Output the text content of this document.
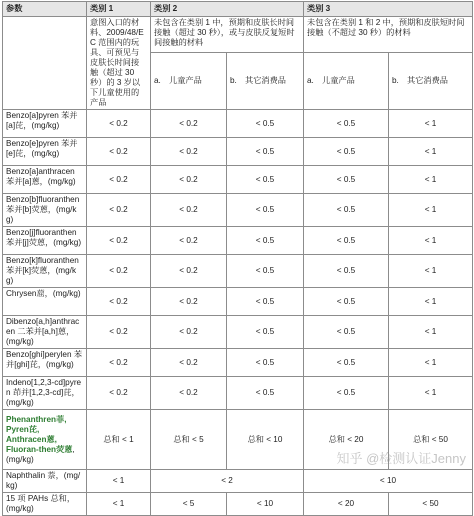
参数	类别 1	类别 2		类别 3	
	意图入口的材料、2009/48/EC 范围内的玩具、可预见与皮肤长时间接触（超过 30 秒）的 3 岁以下儿童使用的产品	未包含在类别 1 中，预期和皮肤长时间接触（超过 30 秒），或与皮肤反复短时间接触的材料		未包含在类别 1 和 2 中，预期和皮肤短时间接触（不超过 30 秒）的材料	
		a.　儿童产品	b.　其它消费品	a.　儿童产品	b.　其它消费品
Benzo[a]pyren 苯并[a]芘，(mg/kg)	< 0.2	< 0.2	< 0.5	< 0.5	< 1
Benzo[e]pyren 苯并[e]芘，(mg/kg)	< 0.2	< 0.2	< 0.5	< 0.5	< 1
Benzo[a]anthracen 苯并[a]蒽，(mg/kg)	< 0.2	< 0.2	< 0.5	< 0.5	< 1
Benzo[b]fluoranthen 苯并[b]荧蒽，(mg/kg)	< 0.2	< 0.2	< 0.5	< 0.5	< 1
Benzo[j]fluoranthen 苯并[j]荧蒽，(mg/kg)	< 0.2	< 0.2	< 0.5	< 0.5	< 1
Benzo[k]fluoranthen 苯并[k]荧蒽，(mg/kg)	< 0.2	< 0.2	< 0.5	< 0.5	< 1
Chrysen䓛，(mg/kg)	< 0.2	< 0.2	< 0.5	< 0.5	< 1
Dibenzo[a,h]anthracen 二苯并[a,h]蒽，(mg/kg)	< 0.2	< 0.2	< 0.5	< 0.5	< 1
Benzo[ghi]perylen 苯并[ghi]芘，(mg/kg)	< 0.2	< 0.2	< 0.5	< 0.5	< 1
Indeno[1,2,3-cd]pyren 茚并[1,2,3-cd]芘，(mg/kg)	< 0.2	< 0.2	< 0.5	< 0.5	< 1
Phenanthren菲,
Pyren芘,
Anthracen蒽,
Fluoran-then荧蒽, (mg/kg)	总和 < 1	总和 < 5	总和 < 10	总和 < 20	总和 < 50
Naphthalin 萘，(mg/kg)	< 1	< 2		< 10	
15 项 PAHs 总和，(mg/kg)	< 1	< 5	< 10	< 20	< 50
知乎 @检测认证Jenny
